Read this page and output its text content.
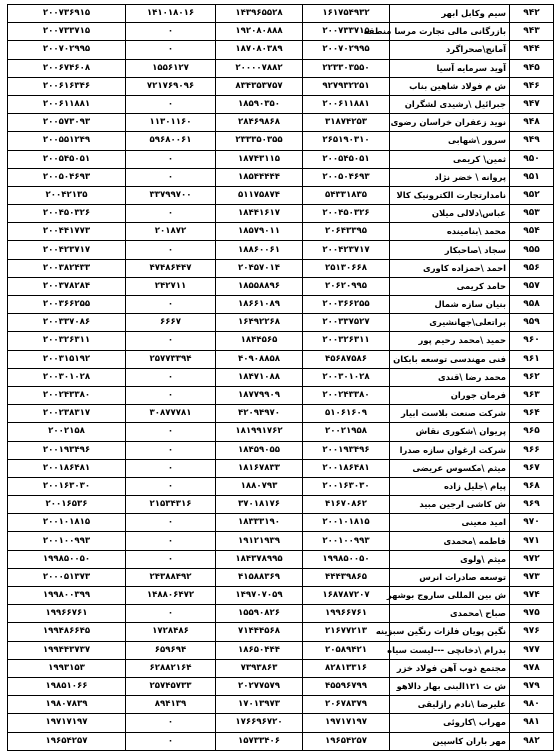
۲۰۰۷۳۶۹۱۵	۱۴۱۰۱۸۰۱۶	۱۴۳۹۶۵۵۲۸	۱۶۱۷۵۴۹۳۲	سیم وکابل ابهر	۹۴۲
۲۰۰۷۳۳۷۱۵	۰	۱۹۲۰۸۰۸۸۸	۲۰۰۷۳۳۷۱۵	بازرگانی مالی تجارت مرسا منطقه	۹۴۳
۲۰۰۷۰۲۹۹۵	۰	۱۸۷۰۸۰۳۸۹	۲۰۰۷۰۲۹۹۵	آمانج\صحراگرد	۹۴۴
۲۰۰۶۷۴۶۰۸	۱۵۵۶۱۲۷	۲۰۰۰۰۷۸۸۲	۲۲۳۳۰۳۵۵۰	آوید سرمایه آسیا	۹۴۵
۲۰۰۶۱۶۳۴۶	۷۲۱۷۶۹۰۹۶	۸۳۴۳۵۳۷۵۷	۹۲۷۹۳۲۲۵۱	ش م فولاد شاهین بناب	۹۴۶
۲۰۰۶۱۱۸۸۱	۰	۱۸۵۹۰۳۵۰	۲۰۰۶۱۱۸۸۱	جبرائیل \رشیدی لشگران	۹۴۷
۲۰۰۵۷۳۰۹۳	۱۱۳۰۱۱۶۰	۲۸۴۶۹۸۶۸	۳۱۸۷۴۲۵۳	نوید زعفران خراسان رضوی	۹۴۸
۲۰۰۵۵۱۲۴۹	۵۹۶۸۰۰۶۱	۲۳۳۳۵۰۳۵۵	۲۶۵۱۹۰۳۱۰	سرور \شهابی	۹۴۹
۲۰۰۵۴۵۰۵۱	۰	۱۸۷۴۳۱۱۵	۲۰۰۵۴۵۰۵۱	ثمین\ کریمی	۹۵۰
۲۰۰۵۰۴۶۹۳	۰	۱۸۵۴۴۴۴۴	۲۰۰۵۰۴۶۹۳	پروانه \ خضر نژاد	۹۵۱
۲۰۰۴۲۱۳۵	۳۳۷۹۹۷۰۰	۵۱۱۷۵۸۷۴	۵۴۳۳۱۸۳۵	نامدارتجارت الکترونیک کالا	۹۵۲
۲۰۰۴۵۰۳۲۶	۰	۱۸۴۴۱۶۱۷	۲۰۰۴۵۰۳۲۶	عباس\دلالی میلان	۹۵۳
۲۰۰۴۴۱۷۷۳	۲۰۱۸۷۲	۱۸۵۷۹۰۱۱	۲۰۶۴۳۳۹۵	محمد \بنامینده	۹۵۴
۲۰۰۴۲۳۷۱۷	۰	۱۸۸۶۰۰۶۱	۲۰۰۴۲۳۷۱۷	سجاد \صاحبکار	۹۵۵
۲۰۰۳۸۲۴۳۳	۴۷۴۸۶۴۴۷	۲۰۴۵۷۰۱۴	۲۵۱۳۰۶۶۸	احمد \حمزاده کاوری	۹۵۶
۲۰۰۳۷۸۲۸۴	۲۴۲۷۱۱	۱۸۵۵۸۸۹۶	۲۰۶۲۰۹۹۵	حامد کریمی	۹۵۷
۲۰۰۳۶۶۲۵۵	۰	۱۸۶۶۱۰۸۹	۲۰۰۳۶۶۲۵۵	بنیان سازه شمال	۹۵۸
۲۰۰۳۳۷۰۸۶	۶۶۶۷	۱۶۴۹۲۲۶۸	۲۰۰۳۳۷۵۲۷	براتعلی\جهانشیری	۹۵۹
۲۰۰۳۲۶۳۱۱	۰	۱۸۴۴۵۶۵	۲۰۰۳۲۶۳۱۱	حمید \محمد رحیم پور	۹۶۰
۲۰۰۳۱۵۱۹۲	۲۵۷۷۳۳۹۴	۴۰۹۰۸۸۵۸	۴۵۶۸۷۵۸۶	فنی مهندسی توسعه بابکان	۹۶۱
۲۰۰۳۰۱۰۲۸	۰	۱۸۴۷۱۰۸۸	۲۰۰۳۰۱۰۲۸	محمد رضا \قندی	۹۶۲
۲۰۰۲۴۳۳۸۰	۰	۱۸۷۷۹۹۰۹	۲۰۰۲۴۳۳۸۰	فرمان جوران	۹۶۳
۲۰۰۲۳۸۳۱۷	۳۰۸۷۷۷۸۱	۴۲۰۹۴۹۷۰	۵۱۰۶۱۶۰۹	شرکت صنعت بلاست ابیار	۹۶۴
۲۰۰۲۱۵۸	۰	۱۸۱۹۹۱۷۶۲	۲۰۰۲۱۹۵۸	پریوان \شکوری نقاش	۹۶۵
۲۰۰۱۹۳۴۹۶	۰	۱۸۴۵۹۰۵۵	۲۰۰۱۹۳۴۹۶	شرکت ارغوان سازه صدرا	۹۶۶
۲۰۰۱۸۶۴۸۱	۰	۱۸۱۶۷۸۳۳	۲۰۰۱۸۶۴۸۱	میثم \مکسوس عریضی	۹۶۷
۲۰۰۱۶۳۰۳۰	۰	۱۸۸۰۷۹۳	۲۰۰۱۶۳۰۳۰	پیام \جلیل زاده	۹۶۸
۲۰۰۱۶۵۳۶	۲۱۵۳۴۳۱۶	۳۷۰۱۸۱۷۶	۴۱۶۷۰۸۶۲	ش کاشی ارجین مبید	۹۶۹
۲۰۰۱۰۱۸۱۵	۰	۱۸۳۳۳۱۹۰	۲۰۰۱۰۱۸۱۵	امید معینی	۹۷۰
۲۰۰۱۰۰۹۹۳	۰	۱۹۱۲۱۹۳۹	۲۰۰۱۰۰۹۹۳	فاطمه \محمدی	۹۷۱
۱۹۹۸۵۰۰۵۰	۰	۱۸۴۳۷۸۹۹۵	۱۹۹۸۵۰۰۵۰	میثم \ولوی	۹۷۲
۲۰۰۰۵۱۳۷۳	۲۴۳۸۸۴۹۲	۴۱۵۸۸۳۶۹	۴۴۴۳۹۸۶۵	توسعه صادرات انرس	۹۷۳
۱۹۹۸۰۰۳۹۹	۱۴۸۸۰۶۴۷۲	۱۴۹۷۰۷۰۵۹	۱۶۸۷۸۷۲۰۷	ش بین المللی ساروج بوشهر	۹۷۴
۱۹۹۶۶۷۶۱	۰	۱۵۵۹۰۸۲۶	۱۹۹۶۶۷۶۱	صباح \محمدی	۹۷۵
۱۹۹۴۸۶۶۴۵	۱۷۲۸۴۸۶	۷۱۴۴۴۵۶۸	۲۱۶۷۷۲۱۳	نگین پویان فلزات رنگین سبزینه	۹۷۶
۱۹۹۴۴۳۷۳۷	۶۵۹۶۹۴	۱۸۶۵۰۴۴۴	۲۰۵۸۹۴۲۱	بدرام \دخانچی ---لیست سیاه	۹۷۷
۱۹۹۳۱۵۳	۶۲۸۸۲۱۶۴	۷۳۹۳۸۶۳	۸۲۸۱۳۳۱۶	مجتمع ذوب آهن فولاد خزر	۹۷۸
۱۹۸۵۱۰۶۶	۲۵۷۴۵۷۳۳	۲۰۲۷۷۵۷۹	۴۵۵۹۶۷۹۹	ش ت ۱۲۱البنی بهار دالاهو	۹۷۹
۱۹۸۰۷۸۳۹	۸۹۴۱۳۹	۱۷۰۱۳۹۷۳	۲۰۶۷۸۳۷۹	علیرضا \نادم رازلیقی	۹۸۰
۱۹۷۱۷۱۹۷	۰	۱۷۶۶۹۶۷۲۰	۱۹۷۱۷۱۹۷	مهراب \کاروئی	۹۸۱
۱۹۶۵۴۲۵۷	۰	۱۵۷۳۳۴۰۶	۱۹۶۵۴۲۵۷	مهر باران کاسپین	۹۸۲
